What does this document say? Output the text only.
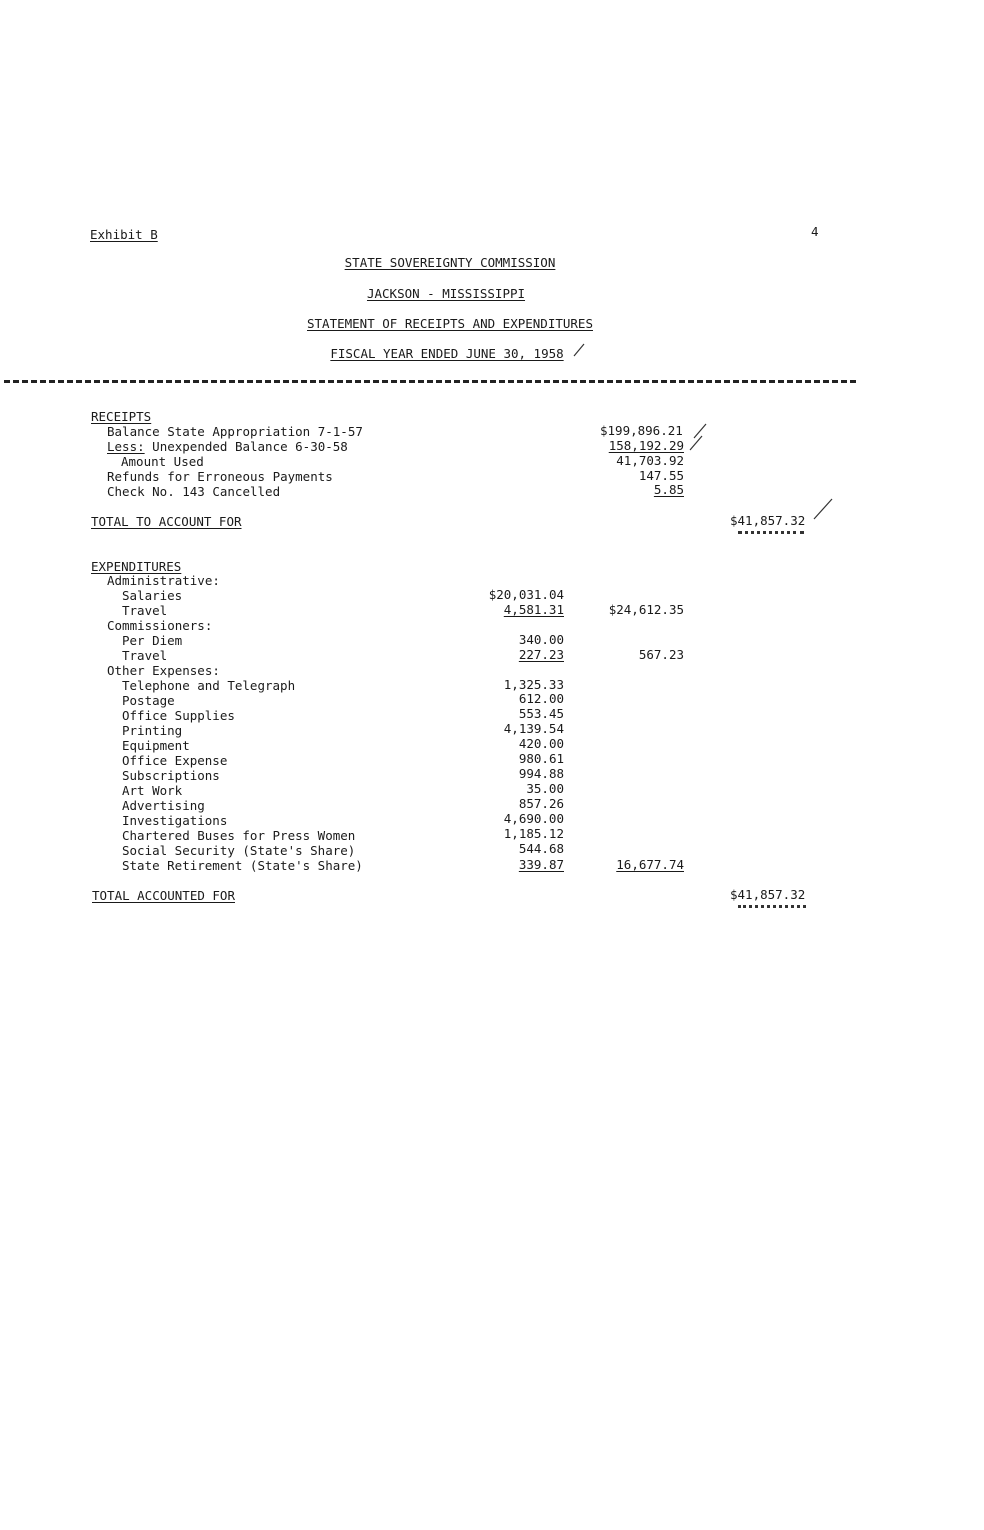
Exhibit B	4
STATE SOVEREIGNTY COMMISSION
JACKSON - MISSISSIPPI
STATEMENT OF RECEIPTS AND EXPENDITURES
FISCAL YEAR ENDED JUNE 30, 1958
RECEIPTS
Balance State Appropriation 7-1-57	$199,896.21
Less: Unexpended Balance 6-30-58	158,192.29
Amount Used	41,703.92
Refunds for Erroneous Payments	147.55
Check No. 143 Cancelled	5.85
TOTAL TO ACCOUNT FOR	$41,857.32
EXPENDITURES
Administrative:
Salaries	$20,031.04
Travel	4,581.31	$24,612.35
Commissioners:
Per Diem	340.00
Travel	227.23	567.23
Other Expenses:
Telephone and Telegraph	1,325.33
Postage	612.00
Office Supplies	553.45
Printing	4,139.54
Equipment	420.00
Office Expense	980.61
Subscriptions	994.88
Art Work	35.00
Advertising	857.26
Investigations	4,690.00
Chartered Buses for Press Women	1,185.12
Social Security (State's Share)	544.68
State Retirement (State's Share)	339.87	16,677.74
TOTAL ACCOUNTED FOR	$41,857.32
